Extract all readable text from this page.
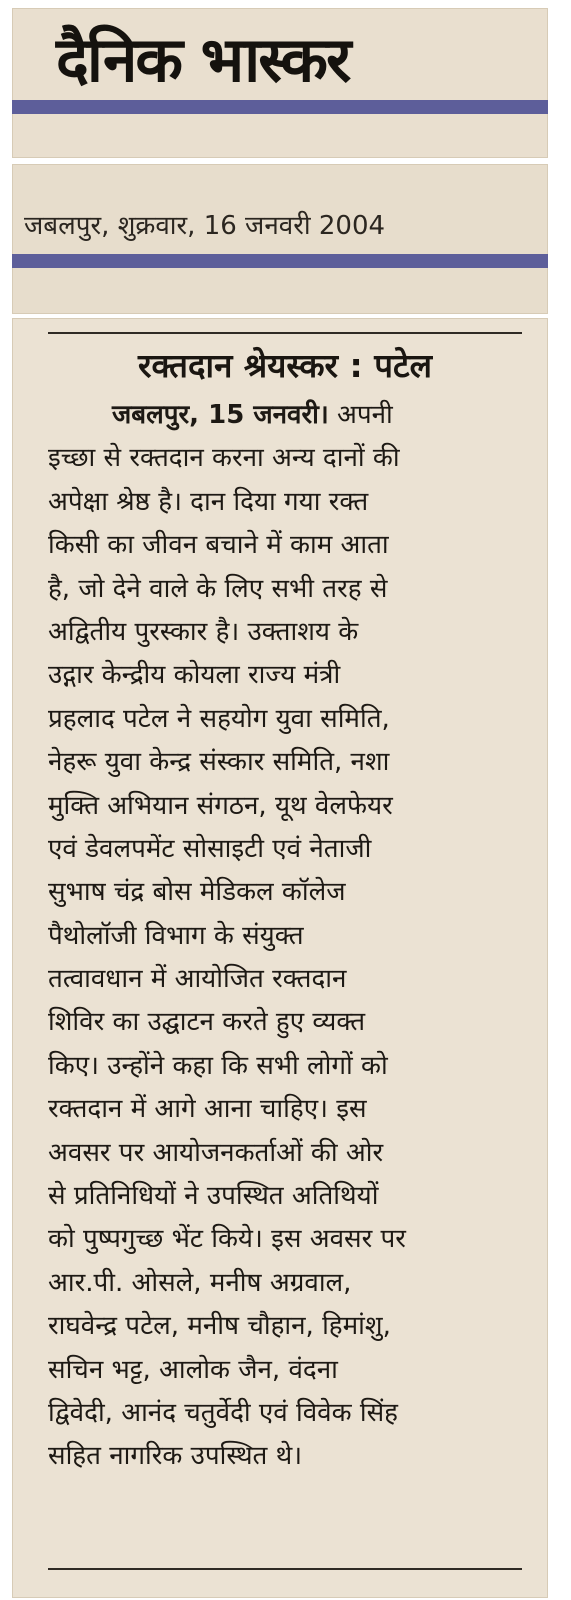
दैनिक भास्कर
जबलपुर, शुक्रवार, 16 जनवरी 2004
रक्तदान श्रेयस्कर : पटेल
जबलपुर, 15 जनवरी। अपनी
इच्छा से रक्तदान करना अन्य दानों की
अपेक्षा श्रेष्ठ है। दान दिया गया रक्त
किसी का जीवन बचाने में काम आता
है, जो देने वाले के लिए सभी तरह से
अद्वितीय पुरस्कार है। उक्ताशय के
उद्गार केन्द्रीय कोयला राज्य मंत्री
प्रहलाद पटेल ने सहयोग युवा समिति,
नेहरू युवा केन्द्र संस्कार समिति, नशा
मुक्ति अभियान संगठन, यूथ वेलफेयर
एवं डेवलपमेंट सोसाइटी एवं नेताजी
सुभाष चंद्र बोस मेडिकल कॉलेज
पैथोलॉजी विभाग के संयुक्त
तत्वावधान में आयोजित रक्तदान
शिविर का उद्घाटन करते हुए व्यक्त
किए। उन्होंने कहा कि सभी लोगों को
रक्तदान में आगे आना चाहिए। इस
अवसर पर आयोजनकर्ताओं की ओर
से प्रतिनिधियों ने उपस्थित अतिथियों
को पुष्पगुच्छ भेंट किये। इस अवसर पर
आर.पी. ओसले, मनीष अग्रवाल,
राघवेन्द्र पटेल, मनीष चौहान, हिमांशु,
सचिन भट्ट, आलोक जैन, वंदना
द्विवेदी, आनंद चतुर्वेदी एवं विवेक सिंह
सहित नागरिक उपस्थित थे।
